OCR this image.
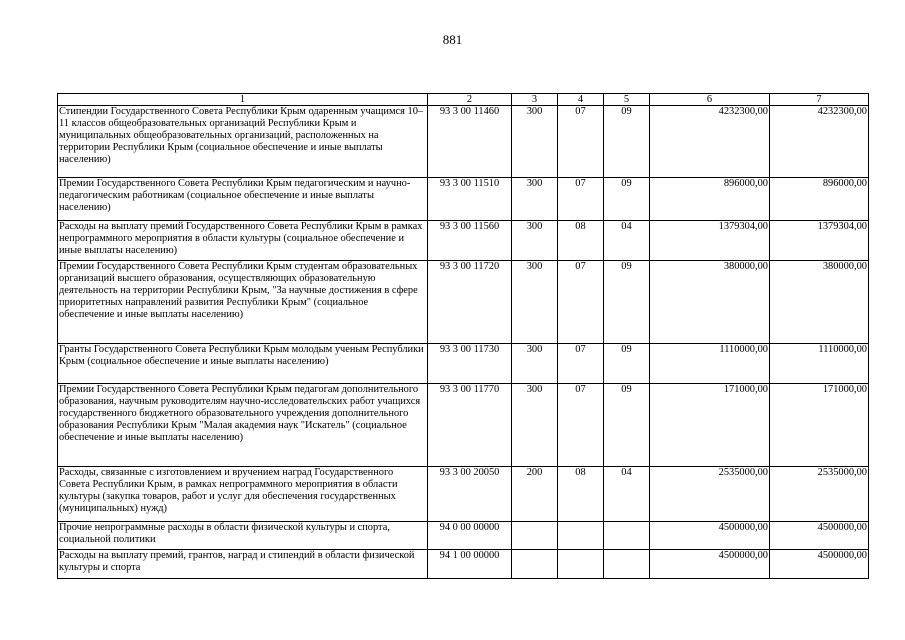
881
1	2	3	4	5	6	7
Стипендии Государственного Совета Республики Крым одаренным учащимся 10–11 классов общеобразовательных организаций Республики Крым и муниципальных общеобразовательных организаций, расположенных на территории Республики Крым (социальное обеспечение и иные выплаты населению)	93 3 00 11460	300	07	09	4232300,00	4232300,00
Премии Государственного Совета Республики Крым педагогическим и научно-педагогическим работникам (социальное обеспечение и иные выплаты населению)	93 3 00 11510	300	07	09	896000,00	896000,00
Расходы на выплату премий Государственного Совета Республики Крым в рамках непрограммного мероприятия в области культуры (социальное обеспечение и иные выплаты населению)	93 3 00 11560	300	08	04	1379304,00	1379304,00
Премии Государственного Совета Республики Крым студентам образовательных организаций высшего образования, осуществляющих образовательную деятельность на территории Республики Крым, "За научные достижения в сфере приоритетных направлений развития Республики Крым" (социальное обеспечение и иные выплаты населению)	93 3 00 11720	300	07	09	380000,00	380000,00
Гранты Государственного Совета Республики Крым молодым ученым Республики Крым (социальное обеспечение и иные выплаты населению)	93 3 00 11730	300	07	09	1110000,00	1110000,00
Премии Государственного Совета Республики Крым педагогам дополнительного образования, научным руководителям научно-исследовательских работ учащихся государственного бюджетного образовательного учреждения дополнительного образования Республики Крым "Малая академия наук "Искатель" (социальное обеспечение и иные выплаты населению)	93 3 00 11770	300	07	09	171000,00	171000,00
Расходы, связанные с изготовлением и вручением наград Государственного Совета Республики Крым, в рамках непрограммного мероприятия в области культуры (закупка товаров, работ и услуг для обеспечения государственных (муниципальных) нужд)	93 3 00 20050	200	08	04	2535000,00	2535000,00
Прочие непрограммные расходы в области физической культуры и спорта, социальной политики	94 0 00 00000				4500000,00	4500000,00
Расходы на выплату премий, грантов, наград и стипендий в области физической культуры и спорта	94 1 00 00000				4500000,00	4500000,00
